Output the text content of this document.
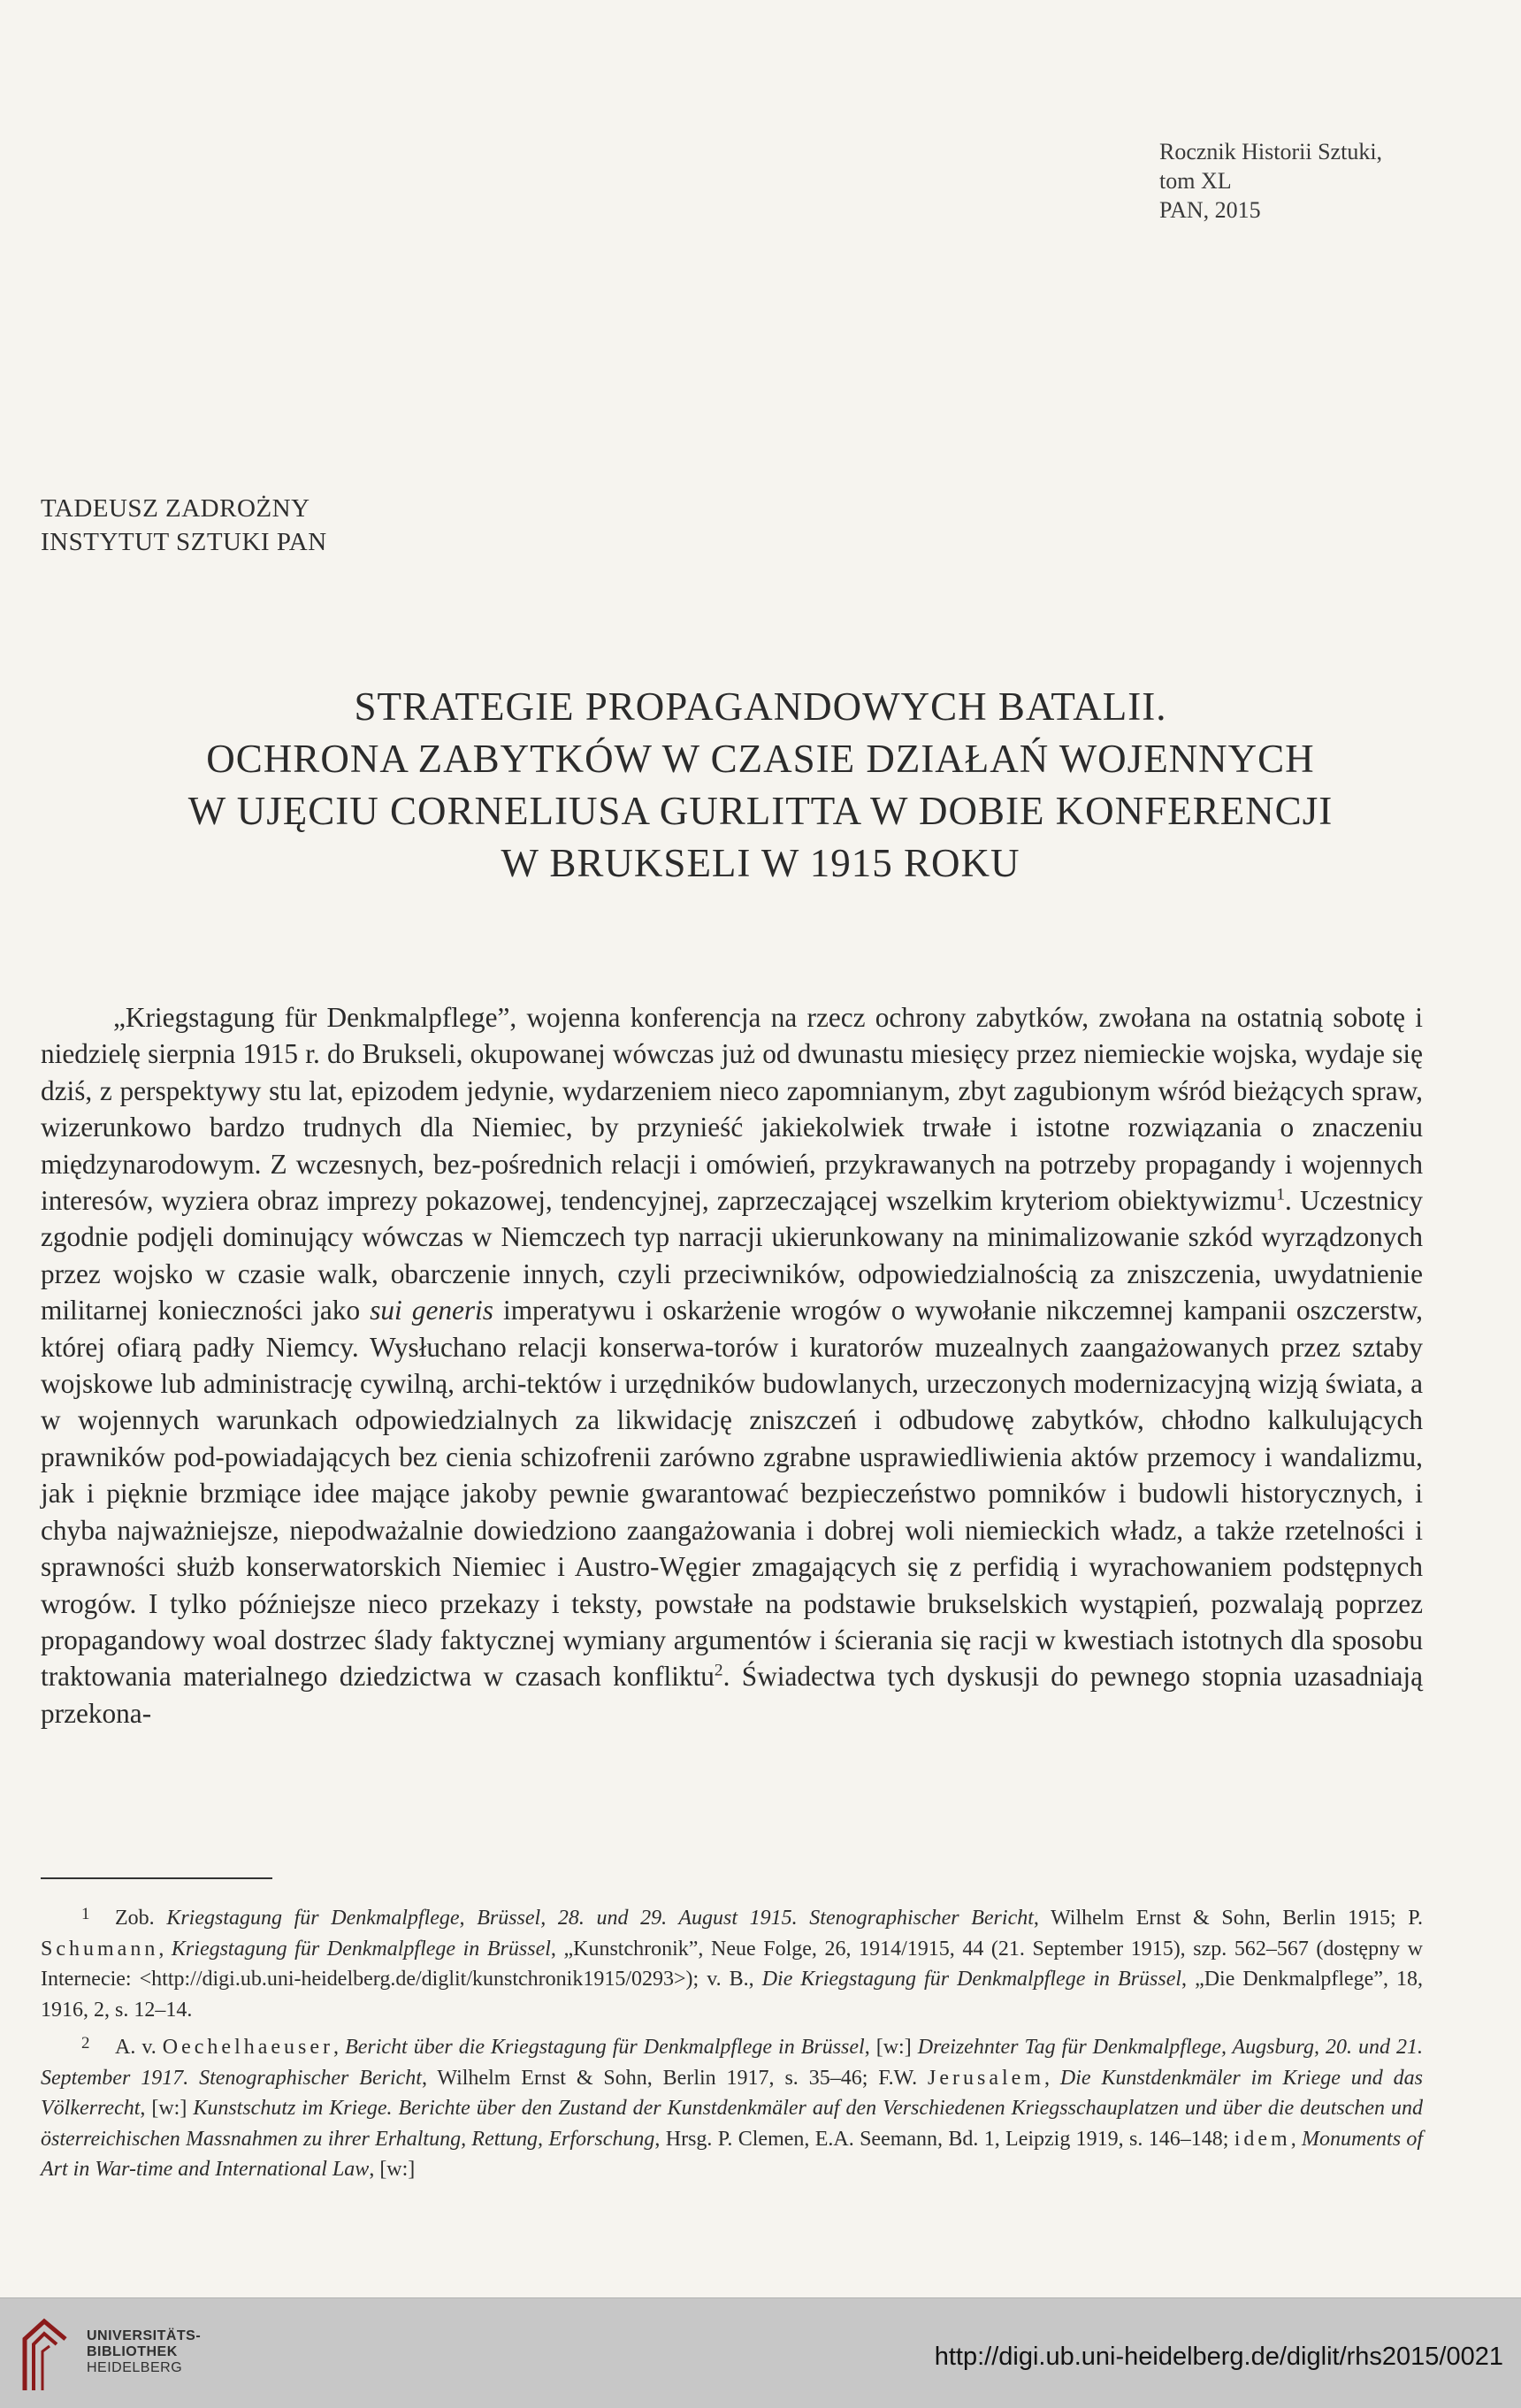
Rocznik Historii Sztuki, tom XL
PAN, 2015
TADEUSZ ZADROŻNY
INSTYTUT SZTUKI PAN
STRATEGIE PROPAGANDOWYCH BATALII.
OCHRONA ZABYTKÓW W CZASIE DZIAŁAŃ WOJENNYCH
W UJĘCIU CORNELIUSA GURLITTA W DOBIE KONFERENCJI
W BRUKSELI W 1915 ROKU

„Kriegstagung für Denkmalpflege”, wojenna konferencja na rzecz ochrony zabytków, zwołana na ostatnią sobotę i niedzielę sierpnia 1915 r. do Brukseli, okupowanej wówczas już od dwunastu miesięcy przez niemieckie wojska, wydaje się dziś, z perspektywy stu lat, epizodem jedynie, wydarzeniem nieco zapomnianym, zbyt zagubionym wśród bieżących spraw, wizerunkowo bardzo trudnych dla Niemiec, by przynieść jakiekolwiek trwałe i istotne rozwiązania o znaczeniu międzynarodowym. Z wczesnych, bez-pośrednich relacji i omówień, przykrawanych na potrzeby propagandy i wojennych interesów, wyziera obraz imprezy pokazowej, tendencyjnej, zaprzeczającej wszelkim kryteriom obiektywizmu$^1$. Uczestnicy zgodnie podjęli dominujący wówczas w Niemczech typ narracji ukierunkowany na minimalizowanie szkód wyrządzonych przez wojsko w czasie walk, obarczenie innych, czyli przeciwników, odpowiedzialnością za zniszczenia, uwydatnienie militarnej konieczności jako sui generis imperatywu i oskarżenie wrogów o wywołanie nikczemnej kampanii oszczerstw, której ofiarą padły Niemcy. Wysłuchano relacji konserwa-torów i kuratorów muzealnych zaangażowanych przez sztaby wojskowe lub administrację cywilną, archi-tektów i urzędników budowlanych, urzeczonych modernizacyjną wizją świata, a w wojennych warunkach odpowiedzialnych za likwidację zniszczeń i odbudowę zabytków, chłodno kalkulujących prawników pod-powiadających bez cienia schizofrenii zarówno zgrabne usprawiedliwienia aktów przemocy i wandalizmu, jak i pięknie brzmiące idee mające jakoby pewnie gwarantować bezpieczeństwo pomników i budowli historycznych, i chyba najważniejsze, niepodważalnie dowiedziono zaangażowania i dobrej woli niemieckich władz, a także rzetelności i sprawności służb konserwatorskich Niemiec i Austro-Węgier zmagających się z perfidią i wyrachowaniem podstępnych wrogów. I tylko późniejsze nieco przekazy i teksty, powstałe na podstawie brukselskich wystąpień, pozwalają poprzez propagandowy woal dostrzec ślady faktycznej wymiany argumentów i ścierania się racji w kwestiach istotnych dla sposobu traktowania materialnego dziedzictwa w czasach konfliktu$^2$. Świadectwa tych dyskusji do pewnego stopnia uzasadniają przekona-

1 Zob. Kriegstagung für Denkmalpflege, Brüssel, 28. und 29. August 1915. Stenographischer Bericht, Wilhelm Ernst & Sohn, Berlin 1915; P. Schumann, Kriegstagung für Denkmalpflege in Brüssel, „Kunstchronik”, Neue Folge, 26, 1914/1915, 44 (21. September 1915), szp. 562–567 (dostępny w Internecie: <http://digi.ub.uni-heidelberg.de/diglit/kunstchronik1915/0293>); v. B., Die Kriegstagung für Denkmalpflege in Brüssel, „Die Denkmalpflege”, 18, 1916, 2, s. 12–14.

2 A. v. Oechelhaeuser, Bericht über die Kriegstagung für Denkmalpflege in Brüssel, [w:] Dreizehnter Tag für Denkmalpflege, Augsburg, 20. und 21. September 1917. Stenographischer Bericht, Wilhelm Ernst & Sohn, Berlin 1917, s. 35–46; F.W. Jerusalem, Die Kunstdenkmäler im Kriege und das Völkerrecht, [w:] Kunstschutz im Kriege. Berichte über den Zustand der Kunstdenkmäler auf den Verschiedenen Kriegsschauplatzen und über die deutschen und österreichischen Massnahmen zu ihrer Erhaltung, Rettung, Erforschung, Hrsg. P. Clemen, E.A. Seemann, Bd. 1, Leipzig 1919, s. 146–148; idem, Monuments of Art in War-time and International Law, [w:]

UNIVERSITÄTS-
BIBLIOTHEK
HEIDELBERG	http://digi.ub.uni-heidelberg.de/diglit/rhs2015/0021
